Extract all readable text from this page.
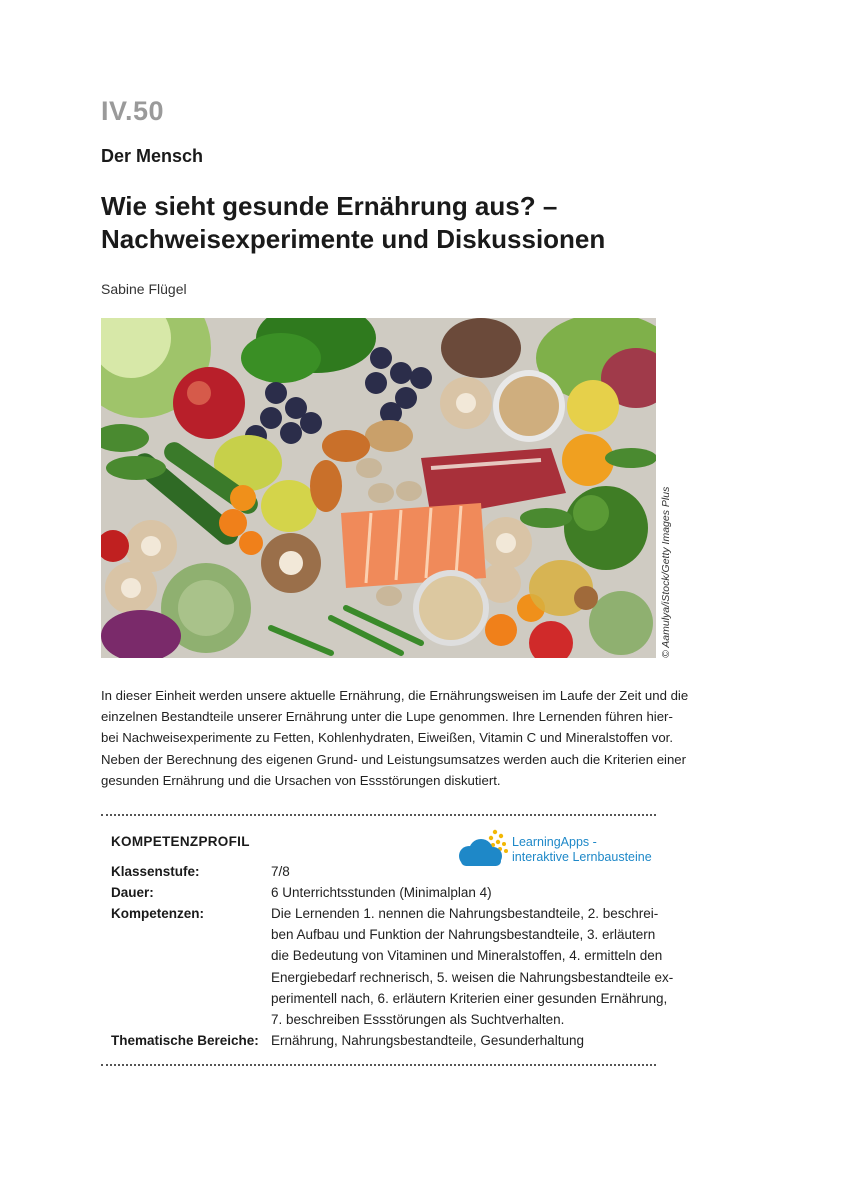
IV.50
Der Mensch
Wie sieht gesunde Ernährung aus? –
Nachweisexperimente und Diskussionen
Sabine Flügel
© Aamulya/iStock/Getty Images Plus
In dieser Einheit werden unsere aktuelle Ernährung, die Ernährungsweisen im Laufe der Zeit und die
einzelnen Bestandteile unserer Ernährung unter die Lupe genommen. Ihre Lernenden führen hier-
bei Nachweisexperimente zu Fetten, Kohlenhydraten, Eiweißen, Vitamin C und Mineralstoffen vor.
Neben der Berechnung des eigenen Grund- und Leistungsumsatzes werden auch die Kriterien einer
gesunden Ernährung und die Ursachen von Essstörungen diskutiert.
KOMPETENZPROFIL	LearningApps -
interaktive Lernbausteine
Klassenstufe:	7/8
Dauer:	6 Unterrichtsstunden (Minimalplan 4)
Kompetenzen:	Die Lernenden 1. nennen die Nahrungsbestandteile, 2. beschrei-
ben Aufbau und Funktion der Nahrungsbestandteile, 3. erläutern
die Bedeutung von Vitaminen und Mineralstoffen, 4. ermitteln den
Energiebedarf rechnerisch, 5. weisen die Nahrungsbestandteile ex-
perimentell nach, 6. erläutern Kriterien einer gesunden Ernährung,
7. beschreiben Essstörungen als Suchtverhalten.
Thematische Bereiche: Ernährung, Nahrungsbestandteile, Gesunderhaltung
